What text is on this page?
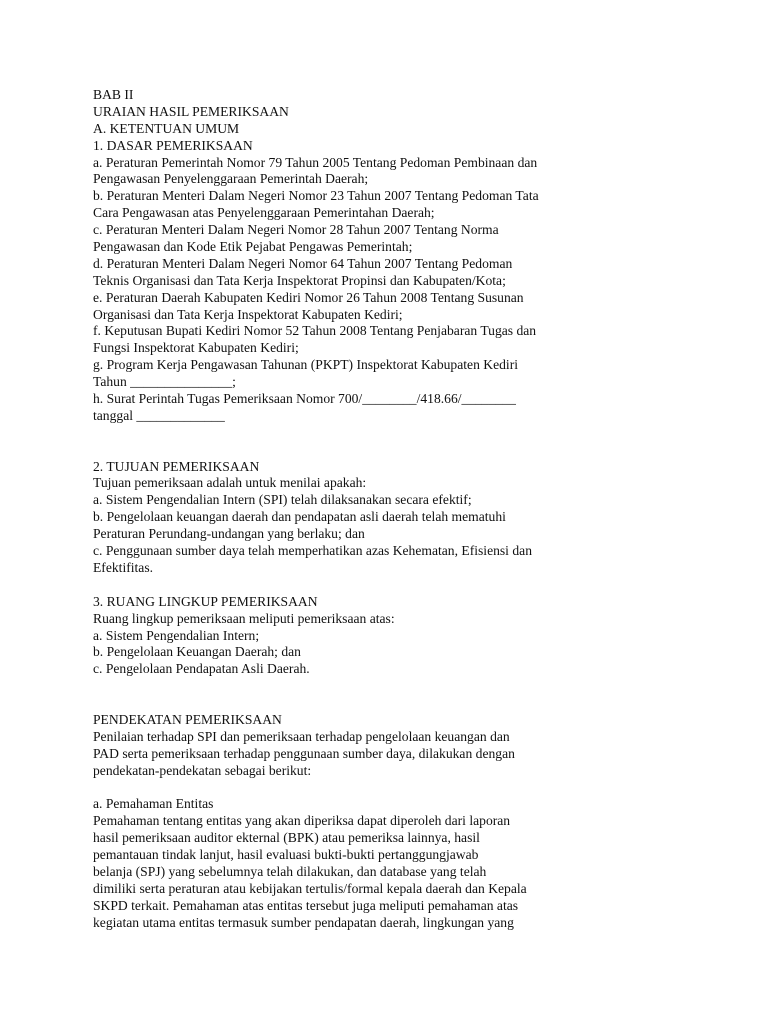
BAB II
URAIAN HASIL PEMERIKSAAN
A. KETENTUAN UMUM
1. DASAR PEMERIKSAAN
a. Peraturan Pemerintah Nomor 79 Tahun 2005 Tentang Pedoman Pembinaan dan
Pengawasan Penyelenggaraan Pemerintah Daerah;
b. Peraturan Menteri Dalam Negeri Nomor 23 Tahun 2007 Tentang Pedoman Tata
Cara Pengawasan atas Penyelenggaraan Pemerintahan Daerah;
c. Peraturan Menteri Dalam Negeri Nomor 28 Tahun 2007 Tentang Norma
Pengawasan dan Kode Etik Pejabat Pengawas Pemerintah;
d. Peraturan Menteri Dalam Negeri Nomor 64 Tahun 2007 Tentang Pedoman
Teknis Organisasi dan Tata Kerja Inspektorat Propinsi dan Kabupaten/Kota;
e. Peraturan Daerah Kabupaten Kediri Nomor 26 Tahun 2008 Tentang Susunan
Organisasi dan Tata Kerja Inspektorat Kabupaten Kediri;
f. Keputusan Bupati Kediri Nomor 52 Tahun 2008 Tentang Penjabaran Tugas dan
Fungsi Inspektorat Kabupaten Kediri;
g. Program Kerja Pengawasan Tahunan (PKPT) Inspektorat Kabupaten Kediri
Tahun _______________;
h. Surat Perintah Tugas Pemeriksaan Nomor 700/________/418.66/________
tanggal _____________
2. TUJUAN PEMERIKSAAN
Tujuan pemeriksaan adalah untuk menilai apakah:
a. Sistem Pengendalian Intern (SPI) telah dilaksanakan secara efektif;
b. Pengelolaan keuangan daerah dan pendapatan asli daerah telah mematuhi
Peraturan Perundang-undangan yang berlaku; dan
c. Penggunaan sumber daya telah memperhatikan azas Kehematan, Efisiensi dan
Efektifitas.
3. RUANG LINGKUP PEMERIKSAAN
Ruang lingkup pemeriksaan meliputi pemeriksaan atas:
a. Sistem Pengendalian Intern;
b. Pengelolaan Keuangan Daerah; dan
c. Pengelolaan Pendapatan Asli Daerah.
PENDEKATAN PEMERIKSAAN
Penilaian terhadap SPI dan pemeriksaan terhadap pengelolaan keuangan dan
PAD serta pemeriksaan terhadap penggunaan sumber daya, dilakukan dengan
pendekatan-pendekatan sebagai berikut:
a. Pemahaman Entitas
Pemahaman tentang entitas yang akan diperiksa dapat diperoleh dari laporan
hasil pemeriksaan auditor ekternal (BPK) atau pemeriksa lainnya, hasil
pemantauan tindak lanjut, hasil evaluasi bukti-bukti pertanggungjawab
belanja (SPJ) yang sebelumnya telah dilakukan, dan database yang telah
dimiliki serta peraturan atau kebijakan tertulis/formal kepala daerah dan Kepala
SKPD terkait. Pemahaman atas entitas tersebut juga meliputi pemahaman atas
kegiatan utama entitas termasuk sumber pendapatan daerah, lingkungan yang
